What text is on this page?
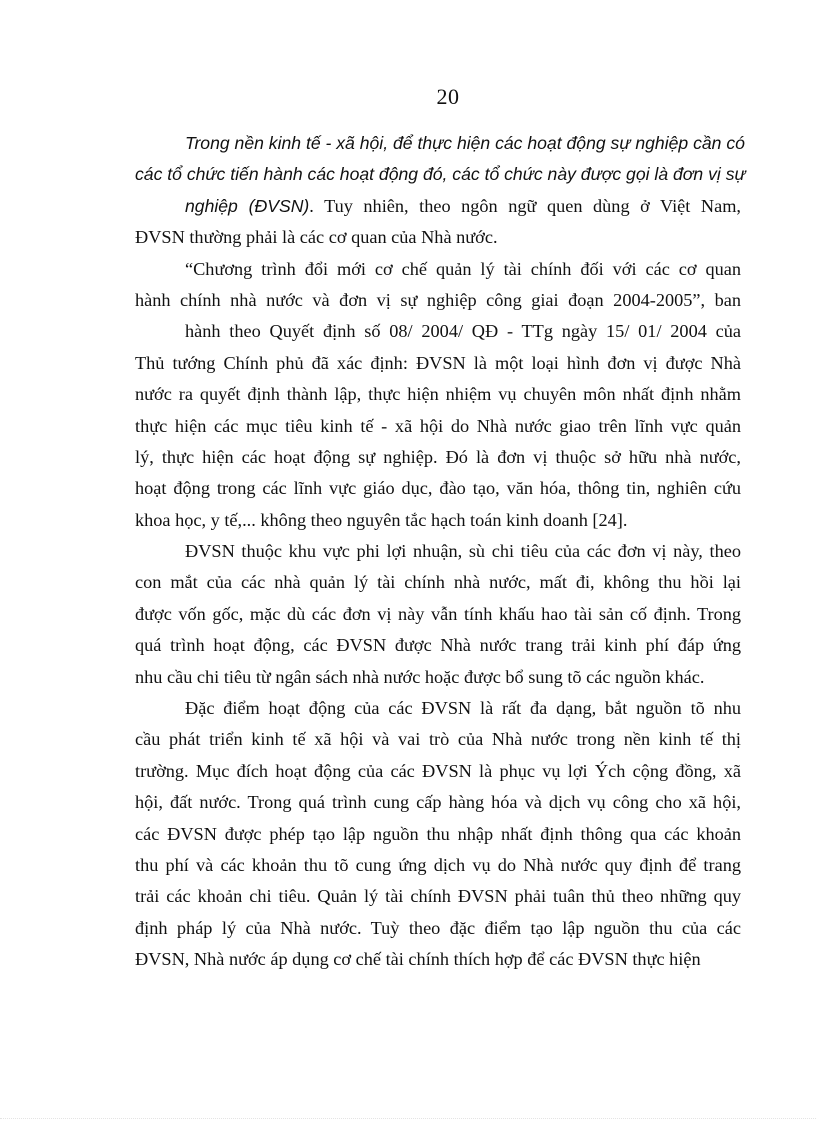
20
Trong nền kinh tế - xã hội, để thực hiện các hoạt động sự nghiệp cần có
các tổ chức tiến hành các hoạt động đó, các tổ chức này được gọi là đơn vị sự
nghiệp (ĐVSN). Tuy nhiên, theo ngôn ngữ quen dùng ở Việt Nam,
ĐVSN thường phải là các cơ quan của Nhà nước.
“Chương trình đổi mới cơ chế quản lý tài chính đối với các cơ quan
hành chính nhà nước và đơn vị sự nghiệp công giai đoạn 2004-2005”, ban
hành theo Quyết định số 08/ 2004/ QĐ - TTg ngày 15/ 01/ 2004 của
Thủ tướng Chính phủ đã xác định: ĐVSN là một loại hình đơn vị được Nhà
nước ra quyết định thành lập, thực hiện nhiệm vụ chuyên môn nhất định nhằm
thực hiện các mục tiêu kinh tế - xã hội do Nhà nước giao trên lĩnh vực quản
lý, thực hiện các hoạt động sự nghiệp. Đó là đơn vị thuộc sở hữu nhà nước,
hoạt động trong các lĩnh vực giáo dục, đào tạo, văn hóa, thông tin, nghiên cứu
khoa học, y tế,... không theo nguyên tắc hạch toán kinh doanh [24].
ĐVSN thuộc khu vực phi lợi nhuận, sù chi tiêu của các đơn vị này, theo
con mắt của các nhà quản lý tài chính nhà nước, mất đi, không thu hồi lại
được vốn gốc, mặc dù các đơn vị này vẫn tính khấu hao tài sản cố định. Trong
quá trình hoạt động, các ĐVSN được Nhà nước trang trải kinh phí đáp ứng
nhu cầu chi tiêu từ ngân sách nhà nước hoặc được bổ sung tõ các nguồn khác.
Đặc điểm hoạt động của các ĐVSN là rất đa dạng, bắt nguồn tõ nhu
cầu phát triển kinh tế xã hội và vai trò của Nhà nước trong nền kinh tế thị
trường. Mục đích hoạt động của các ĐVSN là phục vụ lợi Ých cộng đồng, xã
hội, đất nước. Trong quá trình cung cấp hàng hóa và dịch vụ công cho xã hội,
các ĐVSN được phép tạo lập nguồn thu nhập nhất định thông qua các khoản
thu phí và các khoản thu tõ cung ứng dịch vụ do Nhà nước quy định để trang
trải các khoản chi tiêu. Quản lý tài chính ĐVSN phải tuân thủ theo những quy
định pháp lý của Nhà nước. Tuỳ theo đặc điểm tạo lập nguồn thu của các
ĐVSN, Nhà nước áp dụng cơ chế tài chính thích hợp để các ĐVSN thực hiện
